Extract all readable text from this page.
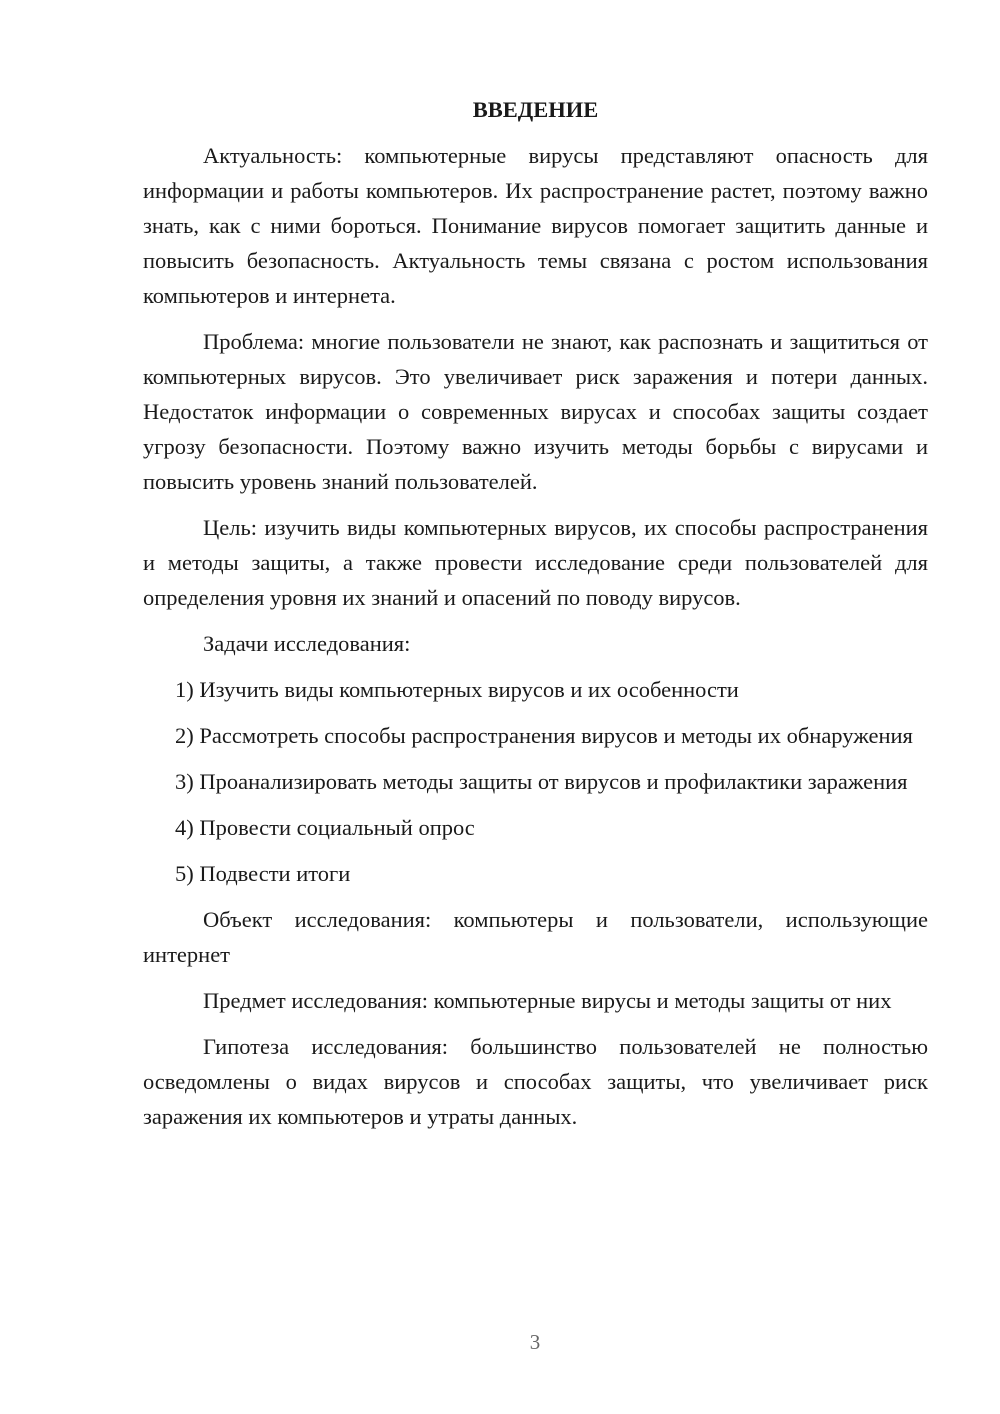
ВВЕДЕНИЕ

Актуальность: компьютерные вирусы представляют опасность для информации и работы компьютеров. Их распространение растет, поэтому важно знать, как с ними бороться. Понимание вирусов помогает защитить данные и повысить безопасность. Актуальность темы связана с ростом использования компьютеров и интернета.

Проблема: многие пользователи не знают, как распознать и защититься от компьютерных вирусов. Это увеличивает риск заражения и потери данных. Недостаток информации о современных вирусах и способах защиты создает угрозу безопасности. Поэтому важно изучить методы борьбы с вирусами и повысить уровень знаний пользователей.

Цель: изучить виды компьютерных вирусов, их способы распространения и методы защиты, а также провести исследование среди пользователей для определения уровня их знаний и опасений по поводу вирусов.

Задачи исследования:

1) Изучить виды компьютерных вирусов и их особенности

2) Рассмотреть способы распространения вирусов и методы их обнаружения

3) Проанализировать методы защиты от вирусов и профилактики заражения

4) Провести социальный опрос

5) Подвести итоги

Объект исследования: компьютеры и пользователи, использующие интернет

Предмет исследования: компьютерные вирусы и методы защиты от них

Гипотеза исследования: большинство пользователей не полностью осведомлены о видах вирусов и способах защиты, что увеличивает риск заражения их компьютеров и утраты данных.

3
